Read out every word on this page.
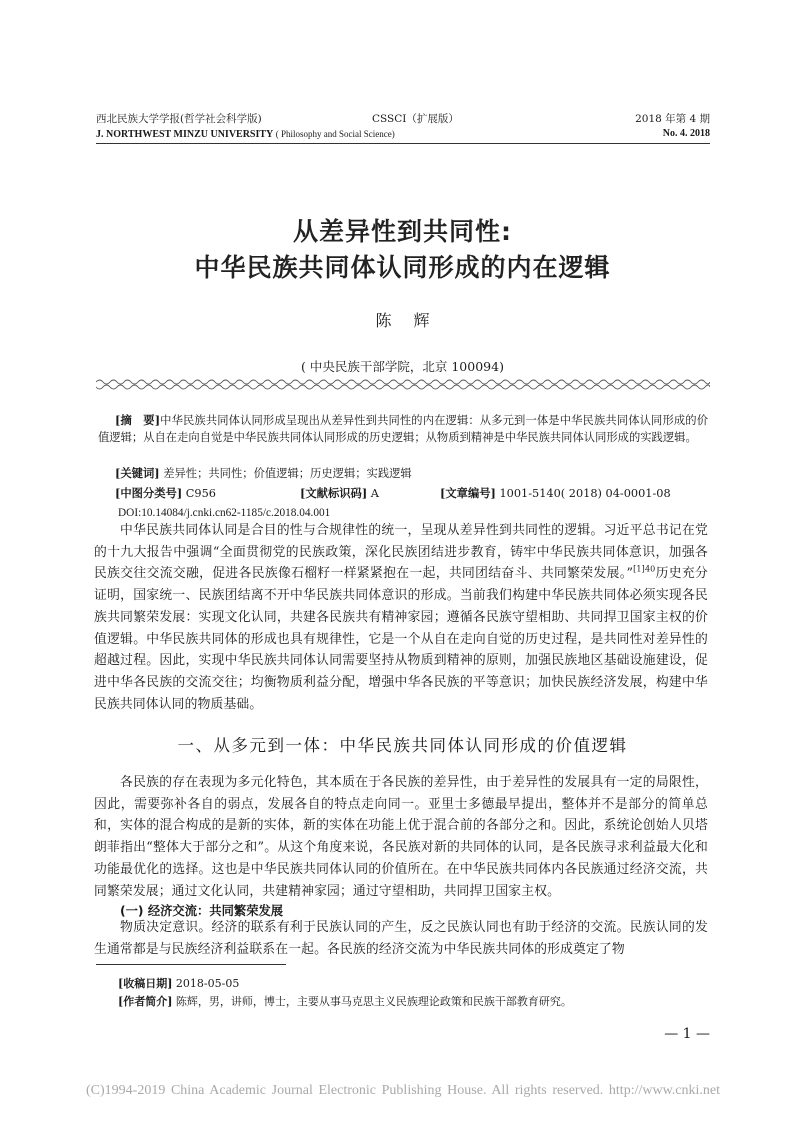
西北民族大学学报(哲学社会科学版)	CSSCI（扩展版）	2018 年第 4 期
J. NORTHWEST MINZU UNIVERSITY ( Philosophy and Social Science)	No. 4. 2018
从差异性到共同性:
中华民族共同体认同形成的内在逻辑
陈辉
( 中央民族干部学院，北京 100094)

[摘　要]中华民族共同体认同形成呈现出从差异性到共同性的内在逻辑：从多元到一体是中华民族共同体认同形成的价值逻辑；从自在走向自觉是中华民族共同体认同形成的历史逻辑；从物质到精神是中华民族共同体认同形成的实践逻辑。

[关键词] 差异性；共同性；价值逻辑；历史逻辑；实践逻辑
[中图分类号] C956	[文献标识码] A	[文章编号] 1001-5140( 2018) 04-0001-08
DOI:10.14084/j.cnki.cn62-1185/c.2018.04.001

中华民族共同体认同是合目的性与合规律性的统一，呈现从差异性到共同性的逻辑。习近平总书记在党的十九大报告中强调“全面贯彻党的民族政策，深化民族团结进步教育，铸牢中华民族共同体意识，加强各民族交往交流交融，促进各民族像石榴籽一样紧紧抱在一起，共同团结奋斗、共同繁荣发展。”$^{[1]40}$历史充分证明，国家统一、民族团结离不开中华民族共同体意识的形成。当前我们构建中华民族共同体必须实现各民族共同繁荣发展：实现文化认同，共建各民族共有精神家园；遵循各民族守望相助、共同捍卫国家主权的价值逻辑。中华民族共同体的形成也具有规律性，它是一个从自在走向自觉的历史过程，是共同性对差异性的超越过程。因此，实现中华民族共同体认同需要坚持从物质到精神的原则，加强民族地区基础设施建设，促进中华各民族的交流交往；均衡物质利益分配，增强中华各民族的平等意识；加快民族经济发展，构建中华民族共同体认同的物质基础。

一、从多元到一体：中华民族共同体认同形成的价值逻辑

各民族的存在表现为多元化特色，其本质在于各民族的差异性，由于差异性的发展具有一定的局限性，因此，需要弥补各自的弱点，发展各自的特点走向同一。亚里士多德最早提出，整体并不是部分的简单总和，实体的混合构成的是新的实体，新的实体在功能上优于混合前的各部分之和。因此，系统论创始人贝塔朗菲指出“整体大于部分之和”。从这个角度来说，各民族对新的共同体的认同，是各民族寻求利益最大化和功能最优化的选择。这也是中华民族共同体认同的价值所在。在中华民族共同体内各民族通过经济交流，共同繁荣发展；通过文化认同，共建精神家园；通过守望相助，共同捍卫国家主权。

(一) 经济交流：共同繁荣发展

物质决定意识。经济的联系有利于民族认同的产生，反之民族认同也有助于经济的交流。民族认同的发生通常都是与民族经济利益联系在一起。各民族的经济交流为中华民族共同体的形成奠定了物

[收稿日期] 2018-05-05
[作者简介] 陈辉，男，讲师，博士，主要从事马克思主义民族理论政策和民族干部教育研究。
— 1 —
(C)1994-2019 China Academic Journal Electronic Publishing House. All rights reserved. http://www.cnki.net
